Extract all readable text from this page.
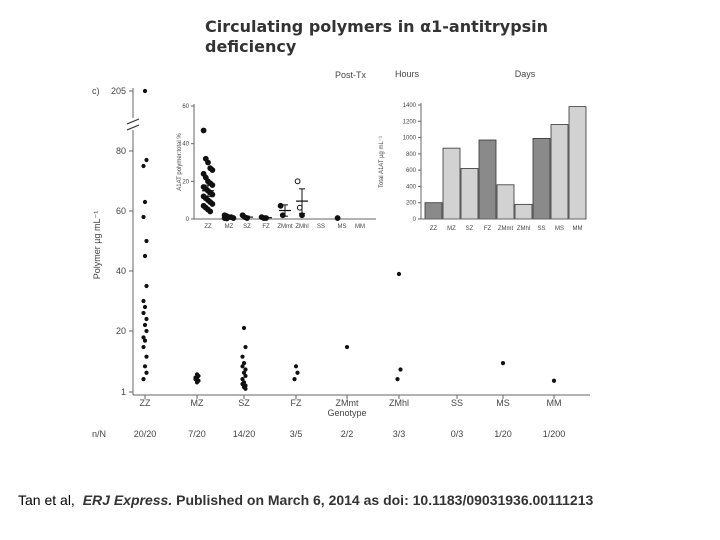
Circulating polymers in α1-antitrypsin deficiency
1
20
40
60
80
205
c)
Polymer µg mL⁻¹
ZZ
20/20
MZ
7/20
SZ
14/20
FZ
3/5
ZMmt
2/2
ZMhl
3/3
SS
0/3
MS
1/20
MM
1/200
Genotype
n/N
0
20
40
60
A1AT polymer:total %
Post-Tx
ZZ MZ SZ FZ ZMmt ZMhl SS MS MM
Hours	Days
Total A1AT µg mL⁻¹
ZZ MZ SZ FZ ZMmt ZMhl SS MS MM
0
200
400
600
800
1000
1200
1400
Tan et al, ERJ Express. Published on March 6, 2014 as doi: 10.1183/09031936.00111213
